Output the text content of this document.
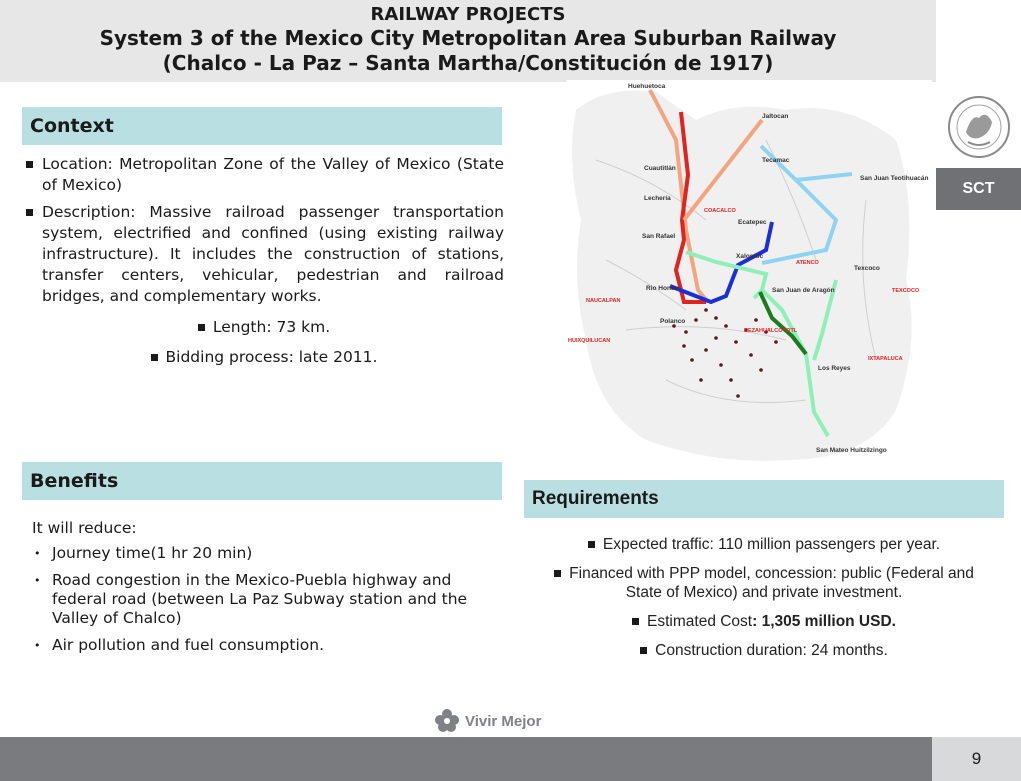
RAILWAY PROJECTS
System 3 of the Mexico City Metropolitan Area Suburban Railway
(Chalco - La Paz – Santa Martha/Constitución de 1917)
SCT
Context
Location: Metropolitan Zone of the Valley of Mexico (State of Mexico)
Description: Massive railroad passenger transportation system, electrified and confined (using existing railway infrastructure). It includes the construction of stations, transfer centers, vehicular, pedestrian and railroad bridges, and complementary works.
Length: 73 km.
Bidding process: late 2011.
Benefits
It will reduce:
• Journey time(1 hr 20 min)
• Road congestion in the Mexico-Puebla highway and federal road (between La Paz Subway station and the Valley of Chalco)
• Air pollution and fuel consumption.
Requirements
Expected traffic: 110 million passengers per year.
Financed with PPP model, concession: public (Federal and State of Mexico) and private investment.
Estimated Cost: 1,305 million USD.
Construction duration: 24 months.
Huehuetoca
Jaltocan
Tecamac
San Juan Teotihuacán
Cuautitlán
Lechería
Ecatepec
San Rafael
Xalostoc
Texcoco
Rio Hondo	San Juan de Aragón
Polanco
Los Reyes
San Mateo Huitzilzingo
COACALCO
ATENCO
TEXCOCO
NAUCALPAN
NEZAHUALCOYOTL
HUIXQUILUCAN
IXTAPALUCA
Vivir Mejor
9
